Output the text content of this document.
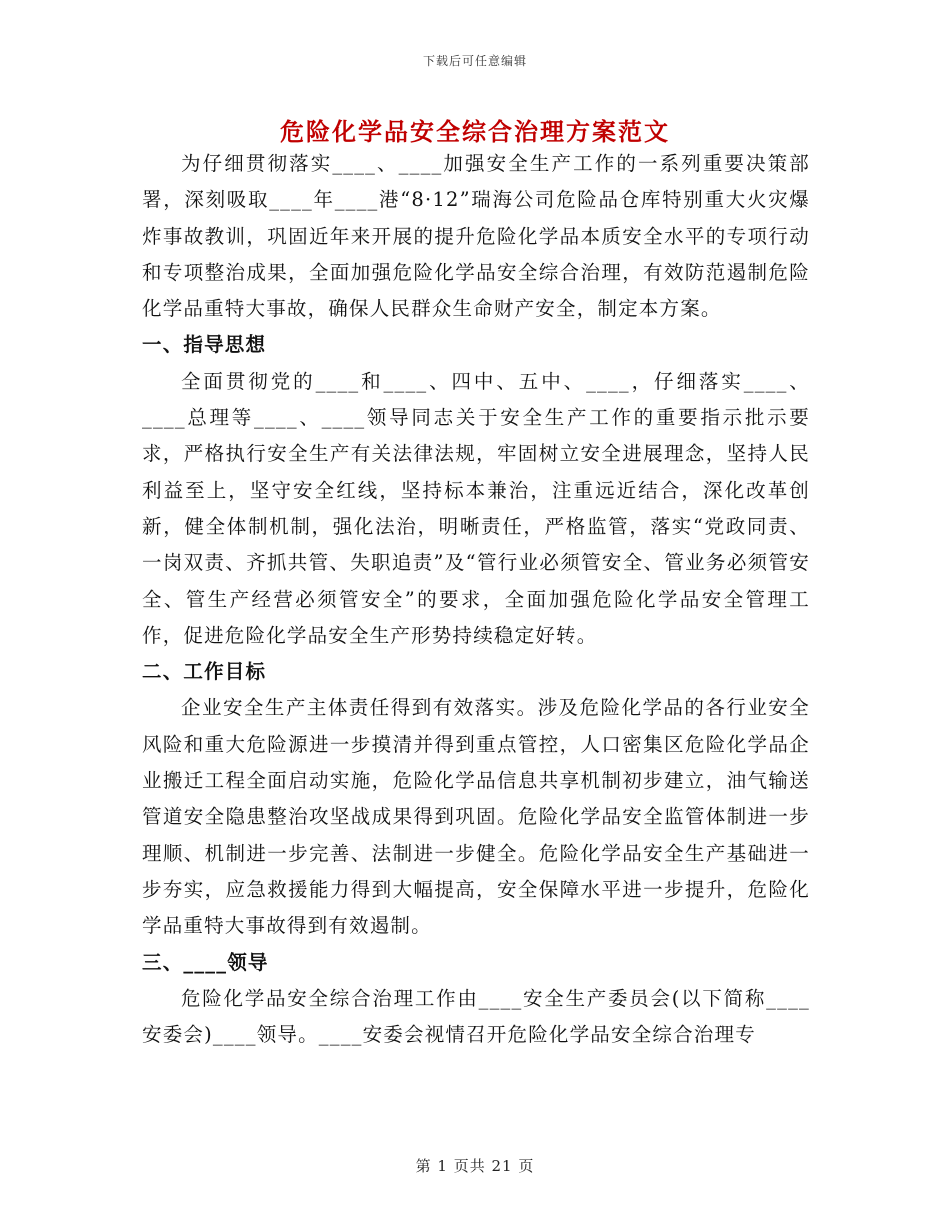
下载后可任意编辑
危险化学品安全综合治理方案范文

为仔细贯彻落实____、____加强安全生产工作的一系列重要决策部署，深刻吸取____年____港“8·12”瑞海公司危险品仓库特别重大火灾爆炸事故教训，巩固近年来开展的提升危险化学品本质安全水平的专项行动和专项整治成果，全面加强危险化学品安全综合治理，有效防范遏制危险化学品重特大事故，确保人民群众生命财产安全，制定本方案。

一、指导思想

全面贯彻党的____和____、四中、五中、____，仔细落实____、____总理等____、____领导同志关于安全生产工作的重要指示批示要求，严格执行安全生产有关法律法规，牢固树立安全进展理念，坚持人民利益至上，坚守安全红线，坚持标本兼治，注重远近结合，深化改革创新，健全体制机制，强化法治，明晰责任，严格监管，落实“党政同责、一岗双责、齐抓共管、失职追责”及“管行业必须管安全、管业务必须管安全、管生产经营必须管安全”的要求，全面加强危险化学品安全管理工作，促进危险化学品安全生产形势持续稳定好转。

二、工作目标

企业安全生产主体责任得到有效落实。涉及危险化学品的各行业安全风险和重大危险源进一步摸清并得到重点管控，人口密集区危险化学品企业搬迁工程全面启动实施，危险化学品信息共享机制初步建立，油气输送管道安全隐患整治攻坚战成果得到巩固。危险化学品安全监管体制进一步理顺、机制进一步完善、法制进一步健全。危险化学品安全生产基础进一步夯实，应急救援能力得到大幅提高，安全保障水平进一步提升，危险化学品重特大事故得到有效遏制。

三、____领导

危险化学品安全综合治理工作由____安全生产委员会(以下简称____安委会)____领导。____安委会视情召开危险化学品安全综合治理专

第 1 页共 21 页
